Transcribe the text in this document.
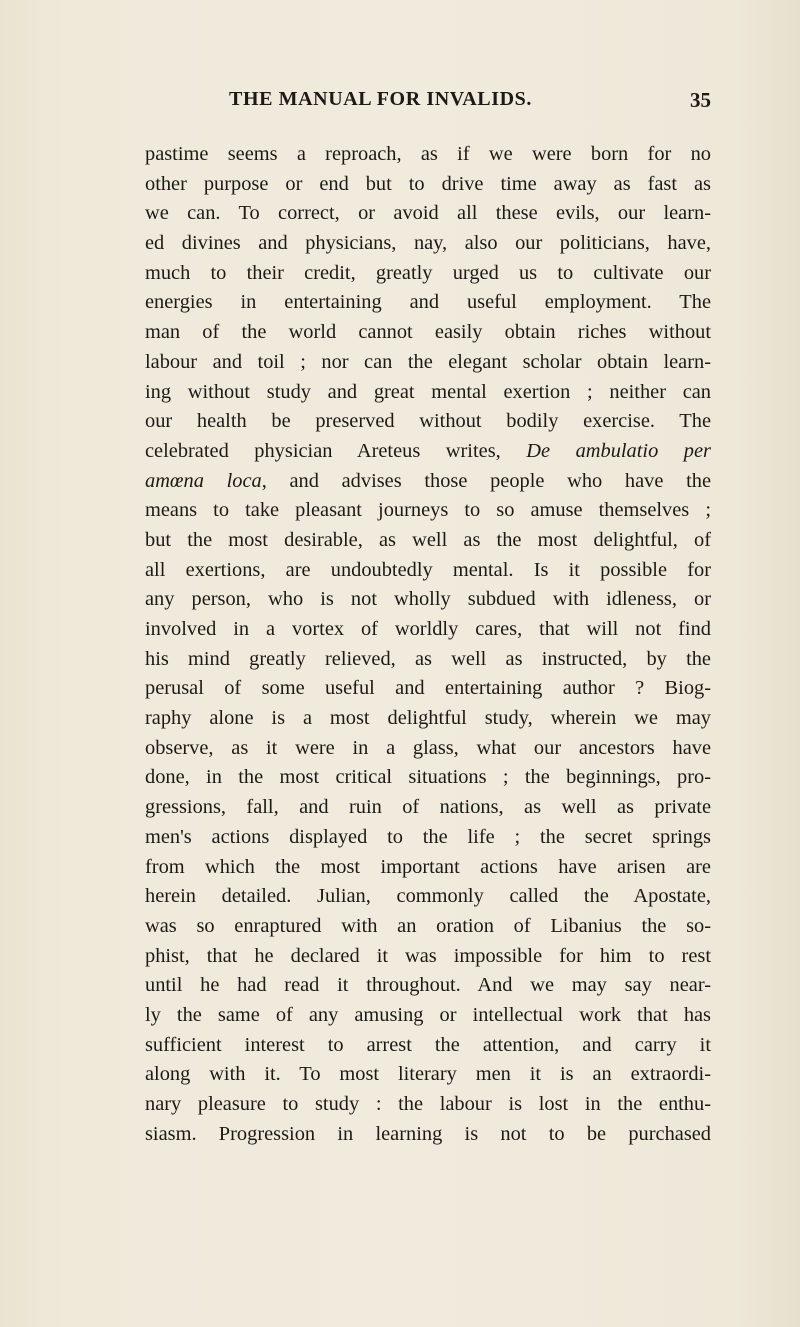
THE MANUAL FOR INVALIDS.	35
pastime seems a reproach, as if we were born for no
other purpose or end but to drive time away as fast as
we can. To correct, or avoid all these evils, our learn-
ed divines and physicians, nay, also our politicians, have,
much to their credit, greatly urged us to cultivate our
energies in entertaining and useful employment. The
man of the world cannot easily obtain riches without
labour and toil ; nor can the elegant scholar obtain learn-
ing without study and great mental exertion ; neither can
our health be preserved without bodily exercise. The
celebrated physician Areteus writes, De ambulatio per
amœna loca, and advises those people who have the
means to take pleasant journeys to so amuse themselves ;
but the most desirable, as well as the most delightful, of
all exertions, are undoubtedly mental. Is it possible for
any person, who is not wholly subdued with idleness, or
involved in a vortex of worldly cares, that will not find
his mind greatly relieved, as well as instructed, by the
perusal of some useful and entertaining author ? Biog-
raphy alone is a most delightful study, wherein we may
observe, as it were in a glass, what our ancestors have
done, in the most critical situations ; the beginnings, pro-
gressions, fall, and ruin of nations, as well as private
men's actions displayed to the life ; the secret springs
from which the most important actions have arisen are
herein detailed. Julian, commonly called the Apostate,
was so enraptured with an oration of Libanius the so-
phist, that he declared it was impossible for him to rest
until he had read it throughout. And we may say near-
ly the same of any amusing or intellectual work that has
sufficient interest to arrest the attention, and carry it
along with it. To most literary men it is an extraordi-
nary pleasure to study : the labour is lost in the enthu-
siasm. Progression in learning is not to be purchased
